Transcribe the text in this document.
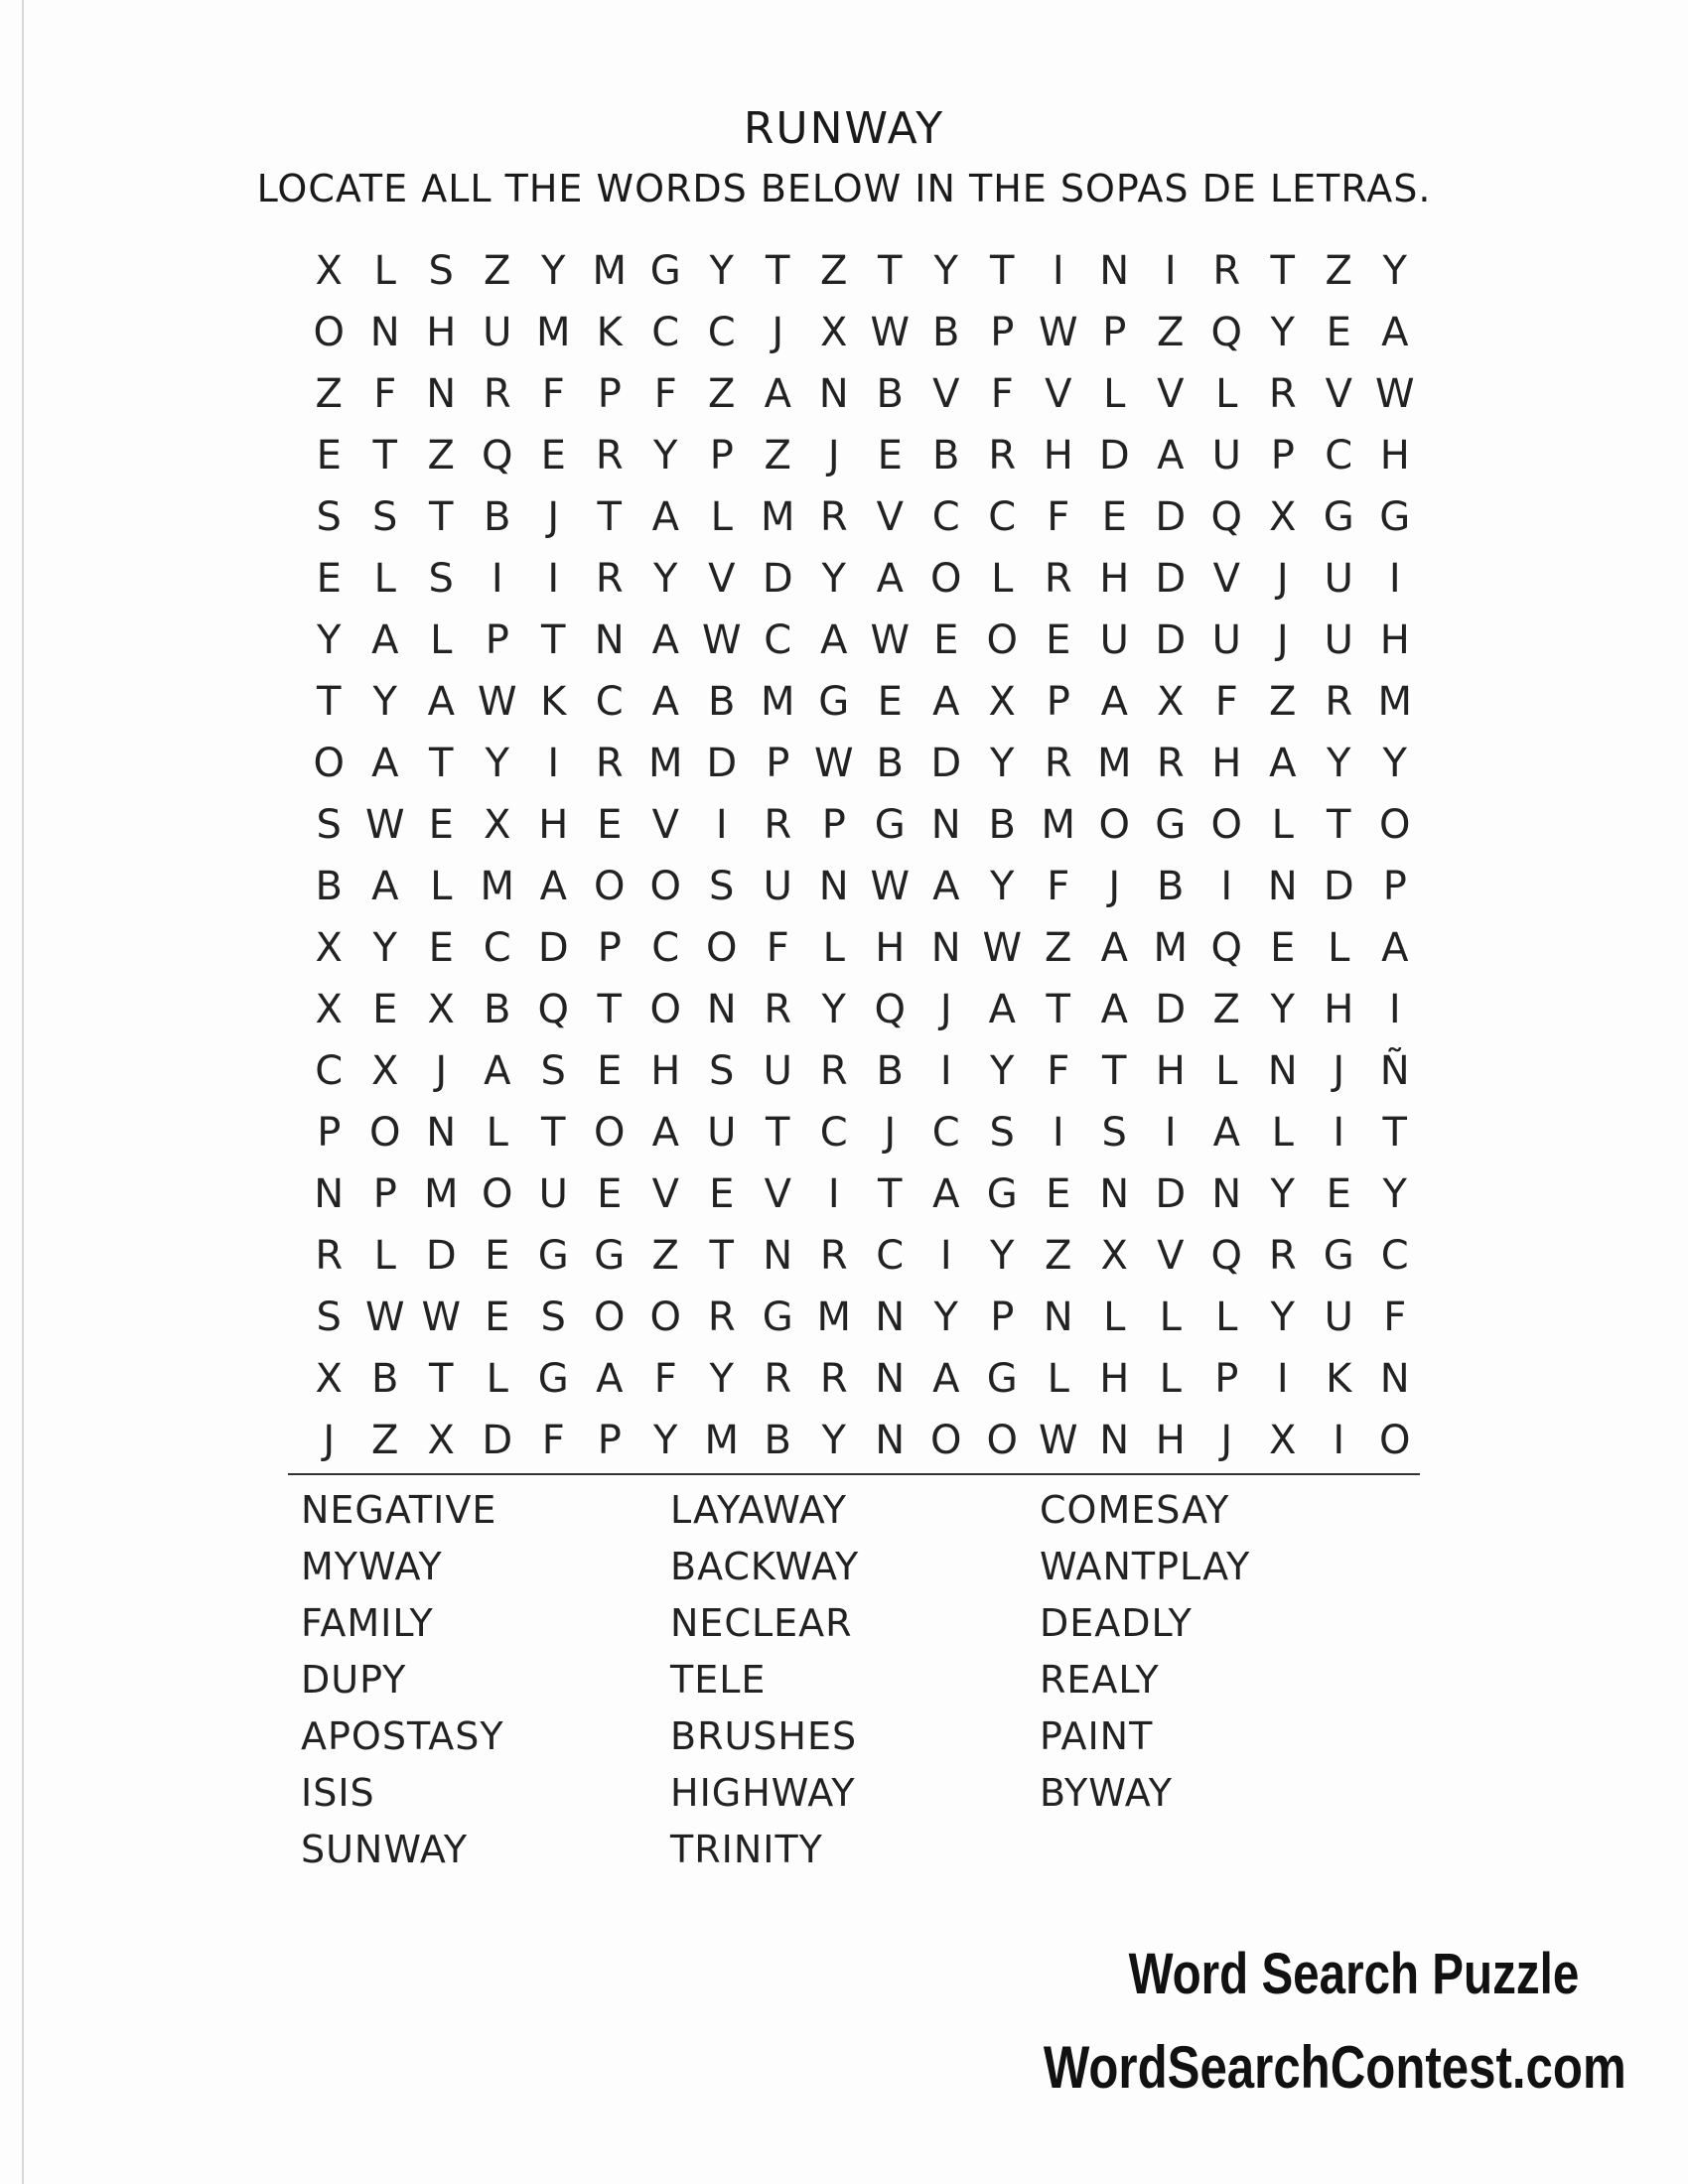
RUNWAY
LOCATE ALL THE WORDS BELOW IN THE SOPAS DE LETRAS.
X L S Z Y M G Y T Z T Y T I N I R T Z Y
O N H U M K C C J X W B P W P Z Q Y E A
Z F N R F P F Z A N B V F V L V L R V W
E T Z Q E R Y P Z J E B R H D A U P C H
S S T B J T A L M R V C C F E D Q X G G
E L S I	I R Y V D Y A O L R H D V J U I
Y A L P T N A W C A W E O E U D U J U H
T Y A W K C A B M G E A X P A X F Z R M
O A T Y I R M D P W B D Y R M R H A Y Y
S W E X H E V I R P G N B M O G O L T O
B A L M A O O S U N W A Y F J B I N D P
X Y E C D P C O F L H N W Z A M Q E L A
X E X B Q T O N R Y Q J A T A D Z Y H I
C X J A S E H S U R B I Y F T H L N J Ñ
P O N L T O A U T C J C S I S I A L I T
N P M O U E V E V I T A G E N D N Y E Y
R L D E G G Z T N R C I Y Z X V Q R G C
S W W E S O O R G M N Y P N L L L Y U F
X B T L G A F Y R R N A G L H L P I K N
J Z X D F P Y M B Y N O O W N H J X I O
NEGATIVE
MYWAY
FAMILY
DUPY
APOSTASY
ISIS
SUNWAY
LAYAWAY
BACKWAY
NECLEAR
TELE
BRUSHES
HIGHWAY
TRINITY
COMESAY
WANTPLAY
DEADLY
REALY
PAINT
BYWAY
Word Search Puzzle
WordSearchContest.com
